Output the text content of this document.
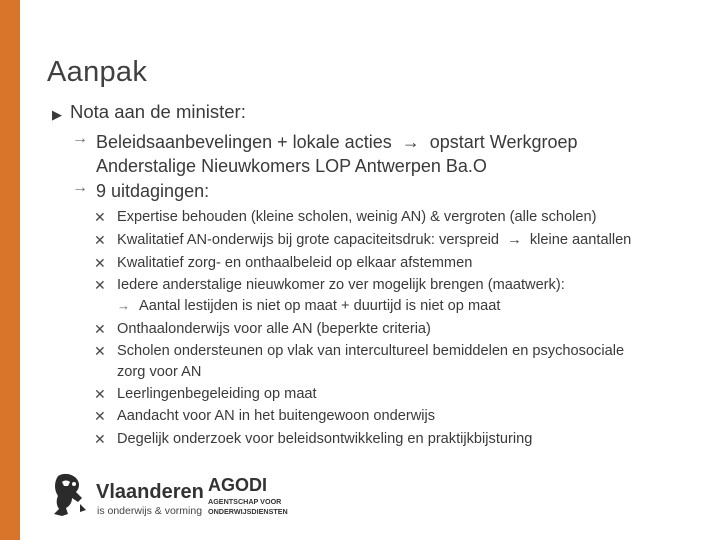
Aanpak
▶ Nota aan de minister:
→ Beleidsaanbevelingen + lokale acties  →  opstart Werkgroep
Anderstalige Nieuwkomers LOP Antwerpen Ba.O
→ 9 uitdagingen:
✕ Expertise behouden (kleine scholen, weinig AN) & vergroten (alle scholen)
✕ Kwalitatief AN-onderwijs bij grote capaciteitsdruk: verspreid  →  kleine aantallen
✕ Kwalitatief zorg- en onthaalbeleid op elkaar afstemmen
✕ Iedere anderstalige nieuwkomer zo ver mogelijk brengen (maatwerk):
→ Aantal lestijden is niet op maat + duurtijd is niet op maat
✕ Onthaalonderwijs voor alle AN (beperkte criteria)
✕ Scholen ondersteunen op vlak van intercultureel bemiddelen en psychosociale
zorg voor AN
✕ Leerlingenbegeleiding op maat
✕ Aandacht voor AN in het buitengewoon onderwijs
✕ Degelijk onderzoek voor beleidsontwikkeling en praktijkbijsturing
Vlaanderen
is onderwijs & vorming
AGODI
AGENTSCHAP VOOR
ONDERWIJSDIENSTEN
